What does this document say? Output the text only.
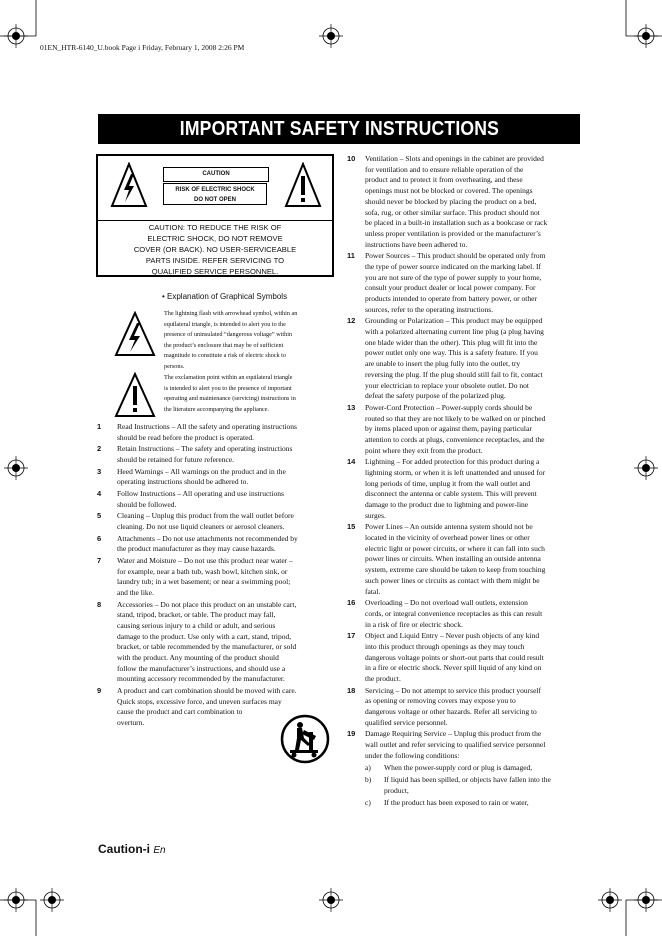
01EN_HTR-6140_U.book Page i Friday, February 1, 2008 2:26 PM
IMPORTANT SAFETY INSTRUCTIONS
CAUTION
RISK OF ELECTRIC SHOCK
DO NOT OPEN
CAUTION: TO REDUCE THE RISK OF
ELECTRIC SHOCK, DO NOT REMOVE
COVER (OR BACK). NO USER-SERVICEABLE
PARTS INSIDE. REFER SERVICING TO
QUALIFIED SERVICE PERSONNEL.
• Explanation of Graphical Symbols
The lightning flash with arrowhead symbol, within an
equilateral triangle, is intended to alert you to the
presence of uninsulated “dangerous voltage” within
the product’s enclosure that may be of sufficient
magnitude to constitute a risk of electric shock to
persons.
The exclamation point within an equilateral triangle
is intended to alert you to the presence of important
operating and maintenance (servicing) instructions in
the literature accompanying the appliance.
1 Read Instructions – All the safety and operating instructions
should be read before the product is operated.
2 Retain Instructions – The safety and operating instructions
should be retained for future reference.
3 Heed Warnings – All warnings on the product and in the
operating instructions should be adhered to.
4 Follow Instructions – All operating and use instructions
should be followed.
5 Cleaning – Unplug this product from the wall outlet before
cleaning. Do not use liquid cleaners or aerosol cleaners.
6 Attachments – Do not use attachments not recommended by
the product manufacturer as they may cause hazards.
7 Water and Moisture – Do not use this product near water –
for example, near a bath tub, wash bowl, kitchen sink, or
laundry tub; in a wet basement; or near a swimming pool;
and the like.
8 Accessories – Do not place this product on an unstable cart,
stand, tripod, bracket, or table. The product may fall,
causing serious injury to a child or adult, and serious
damage to the product. Use only with a cart, stand, tripod,
bracket, or table recommended by the manufacturer, or sold
with the product. Any mounting of the product should
follow the manufacturer’s instructions, and should use a
mounting accessory recommended by the manufacturer.
9 A product and cart combination should be moved with care.
Quick stops, excessive force, and uneven surfaces may
cause the product and cart combination to
overturn.
10 Ventilation – Slots and openings in the cabinet are provided
for ventilation and to ensure reliable operation of the
product and to protect it from overheating, and these
openings must not be blocked or covered. The openings
should never be blocked by placing the product on a bed,
sofa, rug, or other similar surface. This product should not
be placed in a built-in installation such as a bookcase or rack
unless proper ventilation is provided or the manufacturer’s
instructions have been adhered to.
11 Power Sources – This product should be operated only from
the type of power source indicated on the marking label. If
you are not sure of the type of power supply to your home,
consult your product dealer or local power company. For
products intended to operate from battery power, or other
sources, refer to the operating instructions.
12 Grounding or Polarization – This product may be equipped
with a polarized alternating current line plug (a plug having
one blade wider than the other). This plug will fit into the
power outlet only one way. This is a safety feature. If you
are unable to insert the plug fully into the outlet, try
reversing the plug. If the plug should still fail to fit, contact
your electrician to replace your obsolete outlet. Do not
defeat the safety purpose of the polarized plug.
13 Power-Cord Protection – Power-supply cords should be
routed so that they are not likely to be walked on or pinched
by items placed upon or against them, paying particular
attention to cords at plugs, convenience receptacles, and the
point where they exit from the product.
14 Lightning – For added protection for this product during a
lightning storm, or when it is left unattended and unused for
long periods of time, unplug it from the wall outlet and
disconnect the antenna or cable system. This will prevent
damage to the product due to lightning and power-line
surges.
15 Power Lines – An outside antenna system should not be
located in the vicinity of overhead power lines or other
electric light or power circuits, or where it can fall into such
power lines or circuits. When installing an outside antenna
system, extreme care should be taken to keep from touching
such power lines or circuits as contact with them might be
fatal.
16 Overloading – Do not overload wall outlets, extension
cords, or integral convenience receptacles as this can result
in a risk of fire or electric shock.
17 Object and Liquid Entry – Never push objects of any kind
into this product through openings as they may touch
dangerous voltage points or short-out parts that could result
in a fire or electric shock. Never spill liquid of any kind on
the product.
18 Servicing – Do not attempt to service this product yourself
as opening or removing covers may expose you to
dangerous voltage or other hazards. Refer all servicing to
qualified service personnel.
19 Damage Requiring Service – Unplug this product from the
wall outlet and refer servicing to qualified service personnel
under the following conditions:
a) When the power-supply cord or plug is damaged,
b) If liquid has been spilled, or objects have fallen into the
product,
c) If the product has been exposed to rain or water,
Caution-i En
